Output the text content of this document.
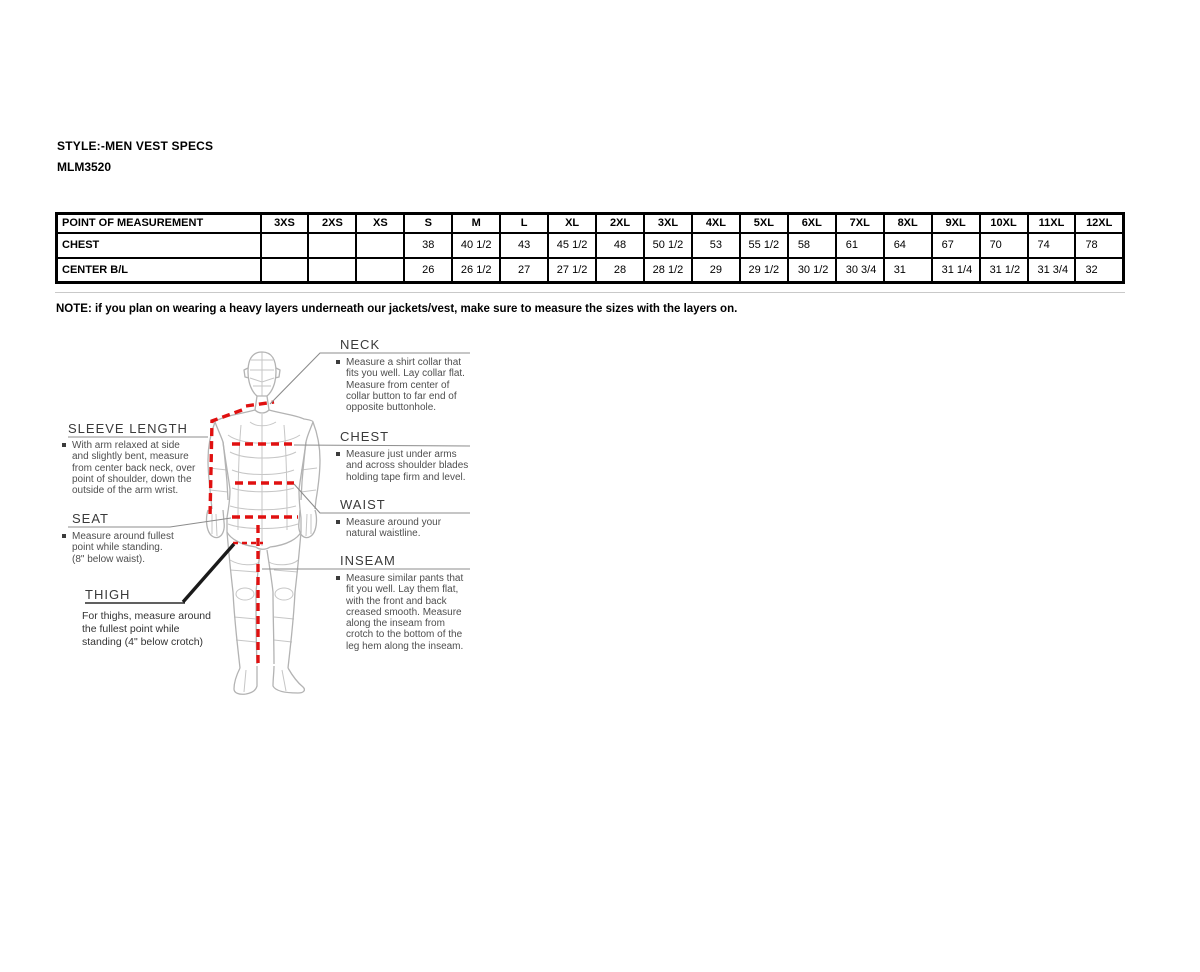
STYLE:-MEN VEST SPECS
MLM3520
POINT OF MEASUREMENT	3XS	2XS	XS	S	M	L	XL	2XL	3XL	4XL	5XL	6XL	7XL	8XL	9XL	10XL	11XL	12XL
CHEST				38	40 1/2	43	45 1/2	48	50 1/2	53	55 1/2	58	61	64	67	70	74	78
CENTER B/L				26	26 1/2	27	27 1/2	28	28 1/2	29	29 1/2	30 1/2	30 3/4	31	31 1/4	31 1/2	31 3/4	32
NOTE: if you plan on wearing a heavy layers underneath our jackets/vest, make sure to measure the sizes with the layers on.
NECK
Measure a shirt collar that
fits you well. Lay collar flat.
Measure from center of
collar button to far end of
opposite buttonhole.
CHEST
Measure just under arms
and across shoulder blades
holding tape firm and level.
WAIST
Measure around your
natural waistline.
INSEAM
Measure similar pants that
fit you well. Lay them flat,
with the front and back
creased smooth. Measure
along the inseam from
crotch to the bottom of the
leg hem along the inseam.
SLEEVE LENGTH
With arm relaxed at side
and slightly bent, measure
from center back neck, over
point of shoulder, down the
outside of the arm wrist.
SEAT
Measure around fullest
point while standing.
(8" below waist).
THIGH
For thighs, measure around
the fullest point while
standing (4" below crotch)
